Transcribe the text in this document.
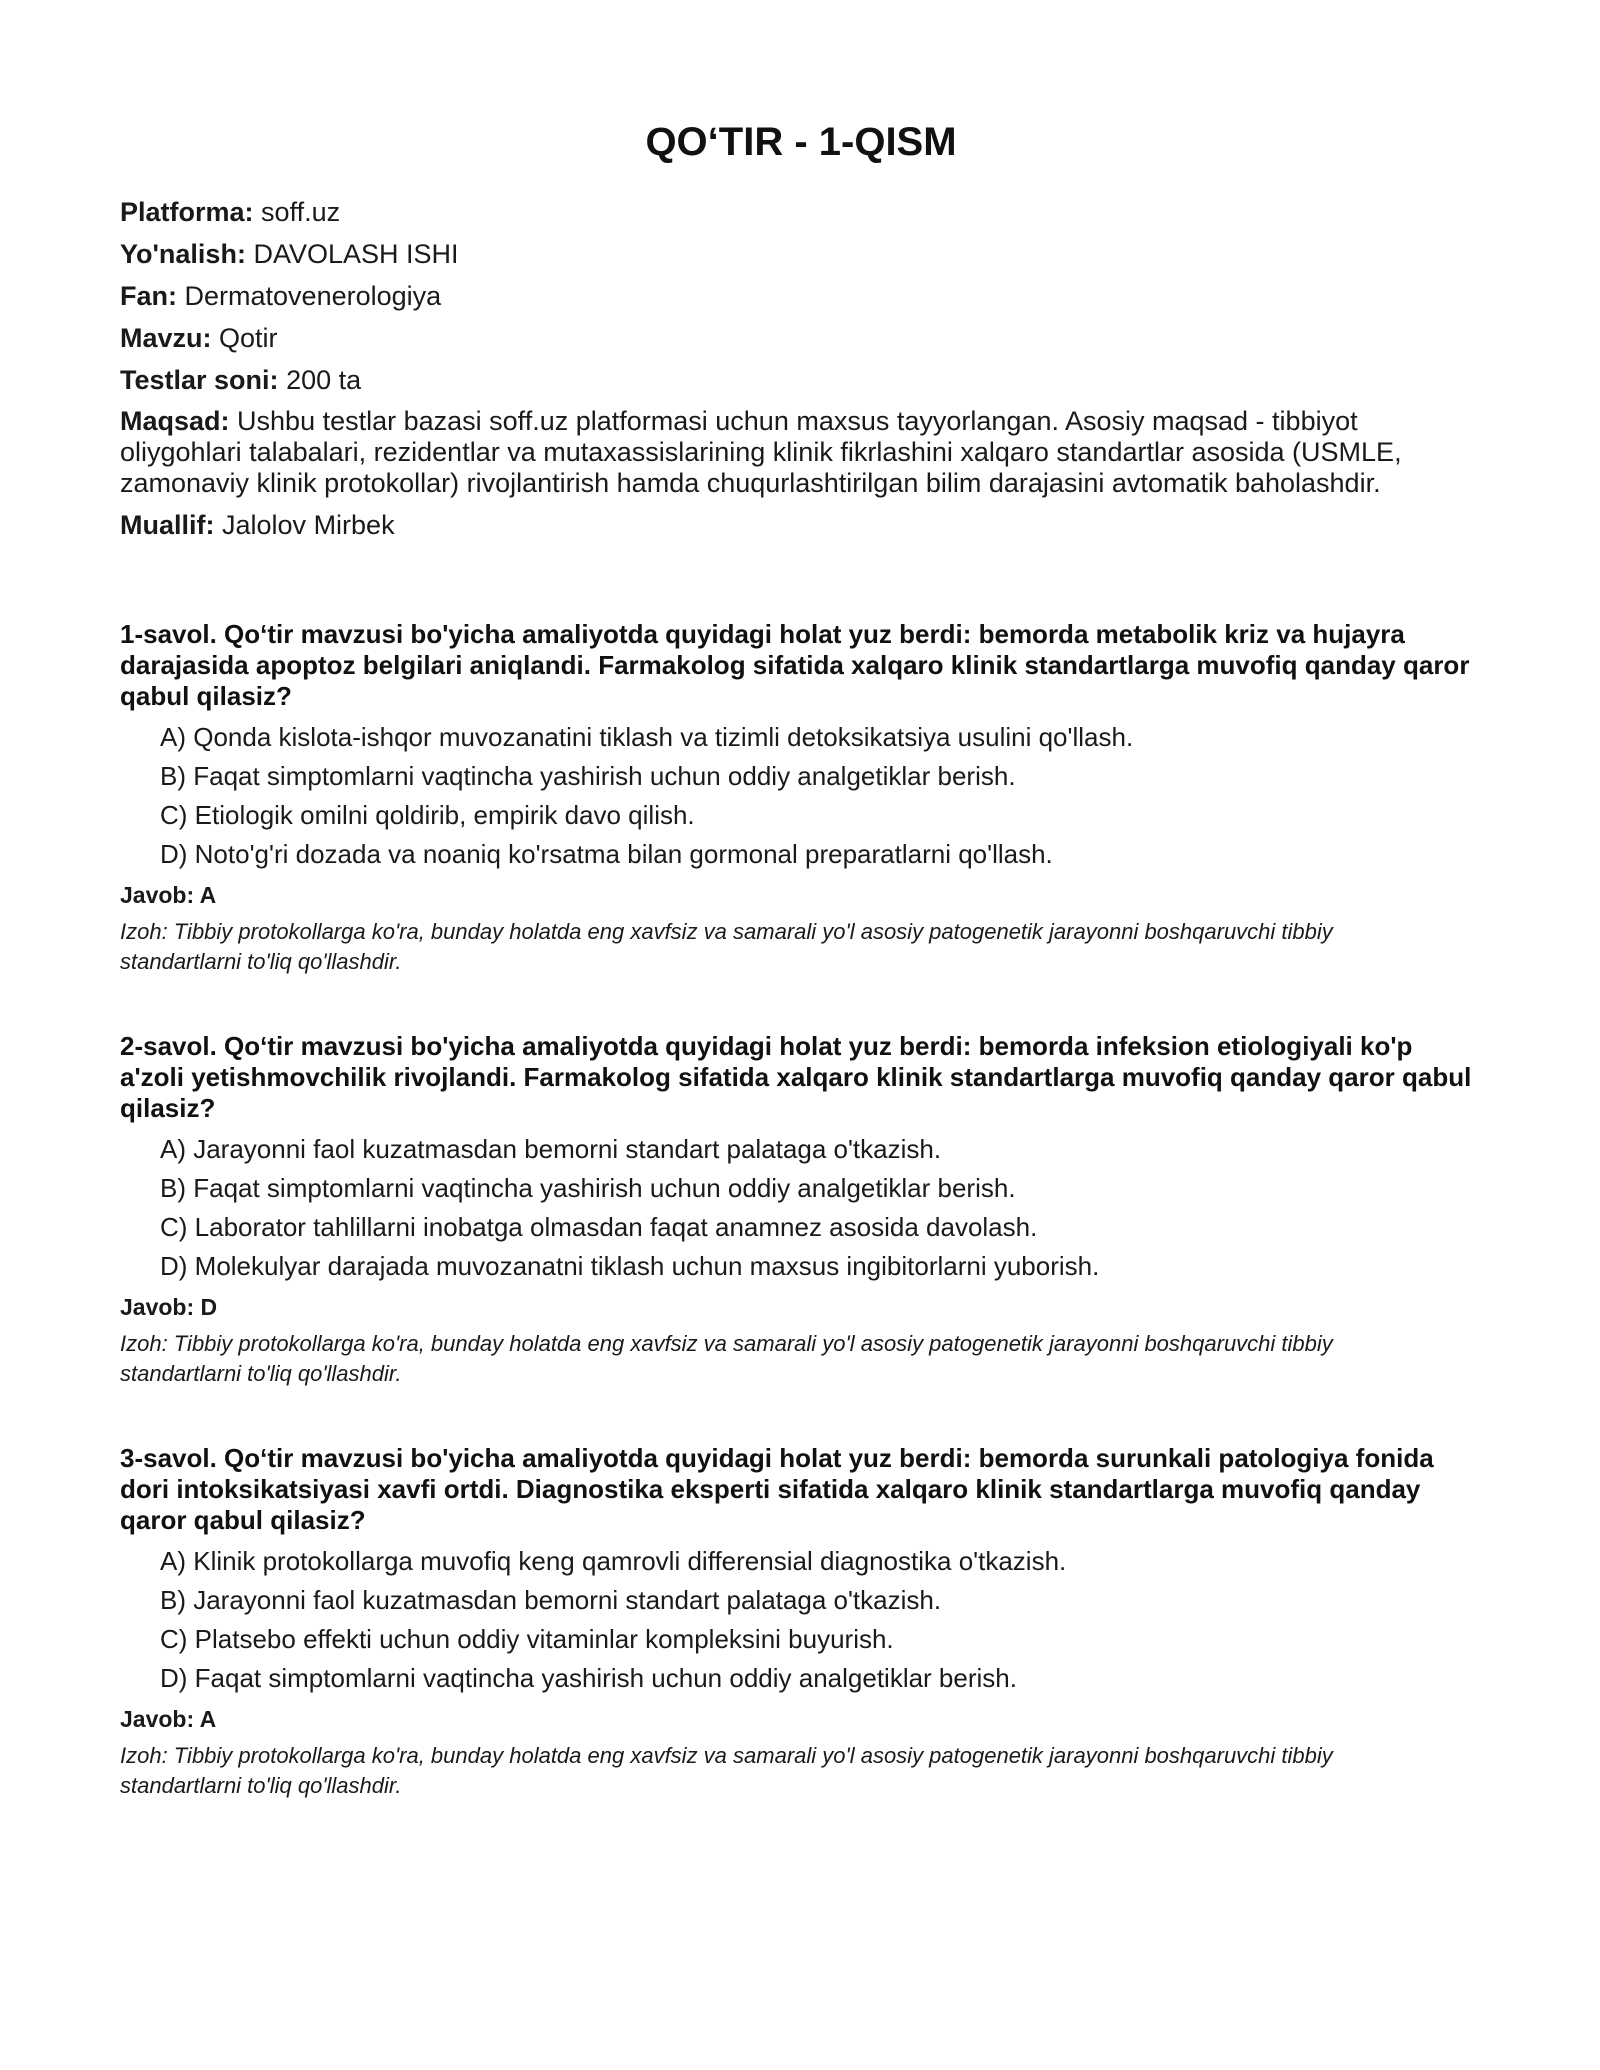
QO‘TIR - 1-QISM

Platforma: soff.uz

Yo'nalish: DAVOLASH ISHI

Fan: Dermatovenerologiya

Mavzu: Qotir

Testlar soni: 200 ta

Maqsad: Ushbu testlar bazasi soff.uz platformasi uchun maxsus tayyorlangan. Asosiy maqsad - tibbiyot oliygohlari talabalari, rezidentlar va mutaxassislarining klinik fikrlashini xalqaro standartlar asosida (USMLE, zamonaviy klinik protokollar) rivojlantirish hamda chuqurlashtirilgan bilim darajasini avtomatik baholashdir.

Muallif: Jalolov Mirbek

1-savol. Qo‘tir mavzusi bo'yicha amaliyotda quyidagi holat yuz berdi: bemorda metabolik kriz va hujayra darajasida apoptoz belgilari aniqlandi. Farmakolog sifatida xalqaro klinik standartlarga muvofiq qanday qaror qabul qilasiz?

A) Qonda kislota-ishqor muvozanatini tiklash va tizimli detoksikatsiya usulini qo'llash.
B) Faqat simptomlarni vaqtincha yashirish uchun oddiy analgetiklar berish.
C) Etiologik omilni qoldirib, empirik davo qilish.
D) Noto'g'ri dozada va noaniq ko'rsatma bilan gormonal preparatlarni qo'llash.

Javob: A

Izoh: Tibbiy protokollarga ko'ra, bunday holatda eng xavfsiz va samarali yo'l asosiy patogenetik jarayonni boshqaruvchi tibbiy standartlarni to'liq qo'llashdir.

2-savol. Qo‘tir mavzusi bo'yicha amaliyotda quyidagi holat yuz berdi: bemorda infeksion etiologiyali ko'p a'zoli yetishmovchilik rivojlandi. Farmakolog sifatida xalqaro klinik standartlarga muvofiq qanday qaror qabul qilasiz?

A) Jarayonni faol kuzatmasdan bemorni standart palataga o'tkazish.
B) Faqat simptomlarni vaqtincha yashirish uchun oddiy analgetiklar berish.
C) Laborator tahlillarni inobatga olmasdan faqat anamnez asosida davolash.
D) Molekulyar darajada muvozanatni tiklash uchun maxsus ingibitorlarni yuborish.

Javob: D

Izoh: Tibbiy protokollarga ko'ra, bunday holatda eng xavfsiz va samarali yo'l asosiy patogenetik jarayonni boshqaruvchi tibbiy standartlarni to'liq qo'llashdir.

3-savol. Qo‘tir mavzusi bo'yicha amaliyotda quyidagi holat yuz berdi: bemorda surunkali patologiya fonida dori intoksikatsiyasi xavfi ortdi. Diagnostika eksperti sifatida xalqaro klinik standartlarga muvofiq qanday qaror qabul qilasiz?

A) Klinik protokollarga muvofiq keng qamrovli differensial diagnostika o'tkazish.
B) Jarayonni faol kuzatmasdan bemorni standart palataga o'tkazish.
C) Platsebo effekti uchun oddiy vitaminlar kompleksini buyurish.
D) Faqat simptomlarni vaqtincha yashirish uchun oddiy analgetiklar berish.

Javob: A

Izoh: Tibbiy protokollarga ko'ra, bunday holatda eng xavfsiz va samarali yo'l asosiy patogenetik jarayonni boshqaruvchi tibbiy standartlarni to'liq qo'llashdir.
